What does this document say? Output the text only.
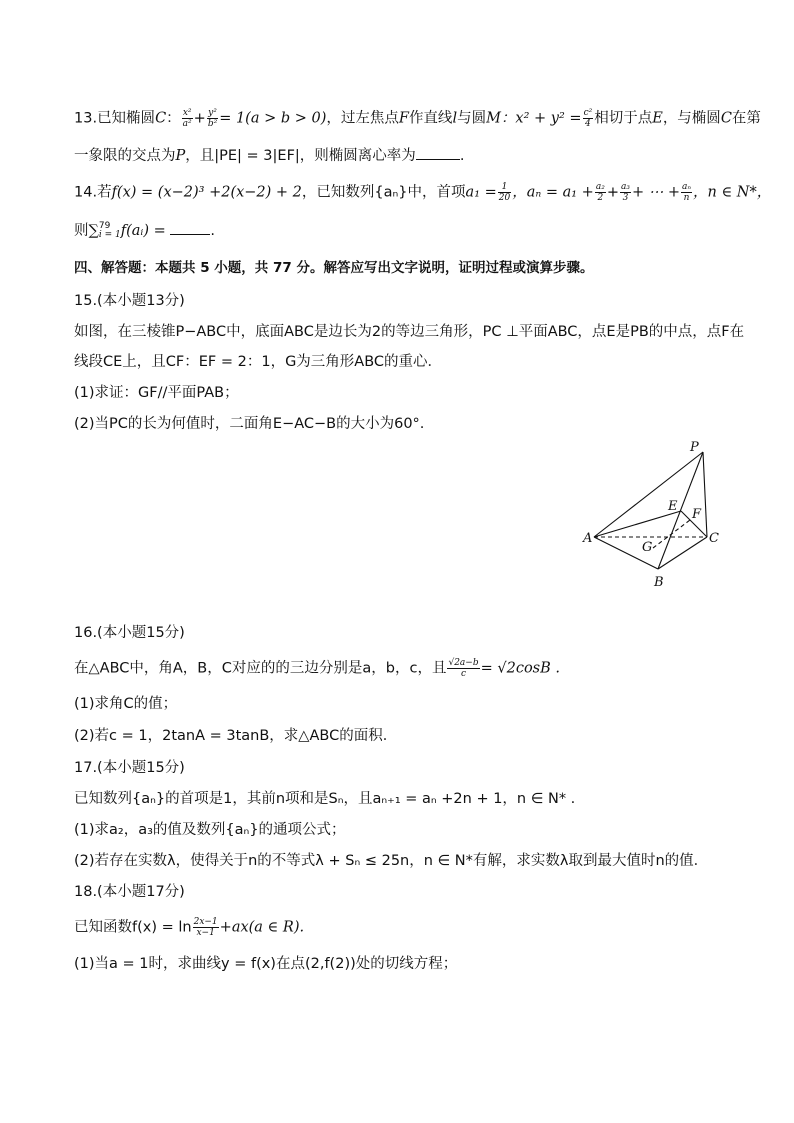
13.已知椭圆C： $\frac{\text{x²}}{\text{a²}} + \frac{\text{y²}}{\text{b²}} = 1(a > b > 0)$，过左焦点F作直线l与圆M：$x^2 + y^2 = \frac{\text{c²}}{4}$ 相切于点E，与椭圆C在第
一象限的交点为P，且|PE| = 3|EF|，则椭圆离心率为	.
14.若f(x) = (x−2)³ +2(x−2) + 2，已知数列{aₙ}中，首项$a_1 = \frac{1}{20}$ ，$a_n = a_1 + \frac{\text{a₂}}{2} + \frac{\text{a₃}}{3}$ + ⋯ + $\frac{\text{aₙ}}{n}$ ，n ∈ N*，
则∑ 79
i = 1 f(aᵢ) =	.
四、解答题：本题共 5 小题，共 77 分。解答应写出文字说明，证明过程或演算步骤。
15.(本小题13分)
如图，在三棱锥P−ABC中，底面ABC是边长为2的等边三角形，PC ⊥平面ABC，点E是PB的中点，点F在
线段CE上，且CF：EF = 2：1，G为三角形ABC的重心．
(1)求证：GF//平面PAB；
(2)当PC的长为何值时，二面角E−AC−B的大小为60°.
P
E
F
A
G
C
B
16.(本小题15分)
在△ABC中，角A，B，C对应的的三边分别是a，b，c，且 $\frac{√2a-b}{c} = √2\cos B$ .
(1)求角C的值；
(2)若c = 1，2tanA = 3tanB，求△ABC的面积．
17.(本小题15分)
已知数列{aₙ}的首项是1，其前n项和是Sₙ，且aₙ₊₁ = aₙ +2n + 1，n ∈ N* .
(1)求a₂，a₃的值及数列{aₙ}的通项公式；
(2)若存在实数λ，使得关于n的不等式λ + Sₙ ≤ 25n，n ∈ N*有解，求实数λ取到最大值时n的值．
18.(本小题17分)
已知函数$f(x) = \ln \frac{2x-1}{x-1} +ax(a$ ∈ R).
(1)当a = 1时，求曲线y = f(x)在点(2,f(2))处的切线方程；
